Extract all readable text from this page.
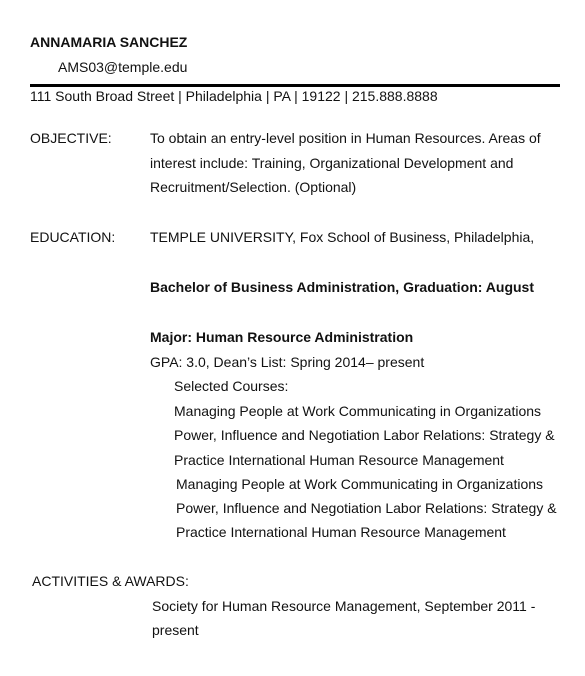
ANNAMARIA SANCHEZ
AMS03@temple.edu
111 South Broad Street | Philadelphia | PA | 19122 | 215.888.8888
OBJECTIVE:	To obtain an entry-level position in Human Resources. Areas of
interest include: Training, Organizational Development and
Recruitment/Selection. (Optional)
EDUCATION: TEMPLE UNIVERSITY, Fox School of Business, Philadelphia,
Bachelor of Business Administration, Graduation: August
Major: Human Resource Administration
GPA: 3.0, Dean’s List: Spring 2014– present
Selected Courses:
Managing People at Work Communicating in Organizations
Power, Influence and Negotiation Labor Relations: Strategy &
Practice International Human Resource Management
Managing People at Work Communicating in Organizations
Power, Influence and Negotiation Labor Relations: Strategy &
Practice International Human Resource Management
ACTIVITIES & AWARDS:
Society for Human Resource Management, September 2011 -
present
